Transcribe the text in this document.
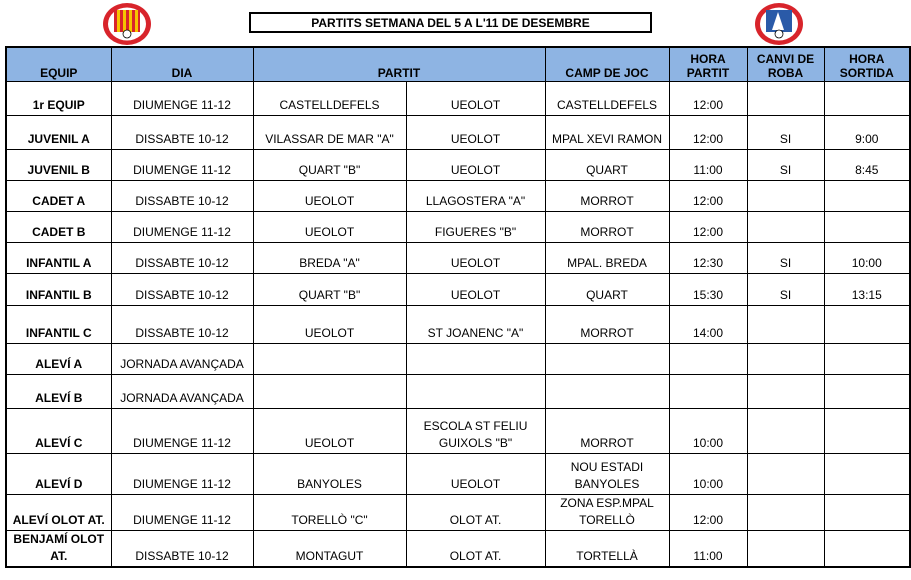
PARTITS SETMANA DEL 5 A L'11 DE DESEMBRE
EQUIP	DIA	PARTIT		CAMP DE JOC	HORA PARTIT	CANVI DE ROBA	HORA SORTIDA
1r EQUIP	DIUMENGE 11-12	CASTELLDEFELS	UEOLOT	CASTELLDEFELS	12:00		
JUVENIL A	DISSABTE 10-12	VILASSAR DE MAR "A"	UEOLOT	MPAL XEVI RAMON	12:00	SI	9:00
JUVENIL B	DIUMENGE 11-12	QUART "B"	UEOLOT	QUART	11:00	SI	8:45
CADET A	DISSABTE 10-12	UEOLOT	LLAGOSTERA "A"	MORROT	12:00		
CADET B	DIUMENGE 11-12	UEOLOT	FIGUERES "B"	MORROT	12:00		
INFANTIL A	DISSABTE 10-12	BREDA "A"	UEOLOT	MPAL. BREDA	12:30	SI	10:00
INFANTIL B	DISSABTE 10-12	QUART "B"	UEOLOT	QUART	15:30	SI	13:15
INFANTIL C	DISSABTE 10-12	UEOLOT	ST JOANENC "A"	MORROT	14:00		
ALEVÍ A	JORNADA AVANÇADA						
ALEVÍ B	JORNADA AVANÇADA						
ALEVÍ C	DIUMENGE 11-12	UEOLOT	ESCOLA ST FELIU GUIXOLS "B"	MORROT	10:00		
ALEVÍ D	DIUMENGE 11-12	BANYOLES	UEOLOT	NOU ESTADI BANYOLES	10:00		
ALEVÍ OLOT AT.	DIUMENGE 11-12	TORELLÒ "C"	OLOT AT.	ZONA ESP.MPAL TORELLÒ	12:00		
BENJAMÍ OLOT AT.	DISSABTE 10-12	MONTAGUT	OLOT AT.	TORTELLÀ	11:00		
